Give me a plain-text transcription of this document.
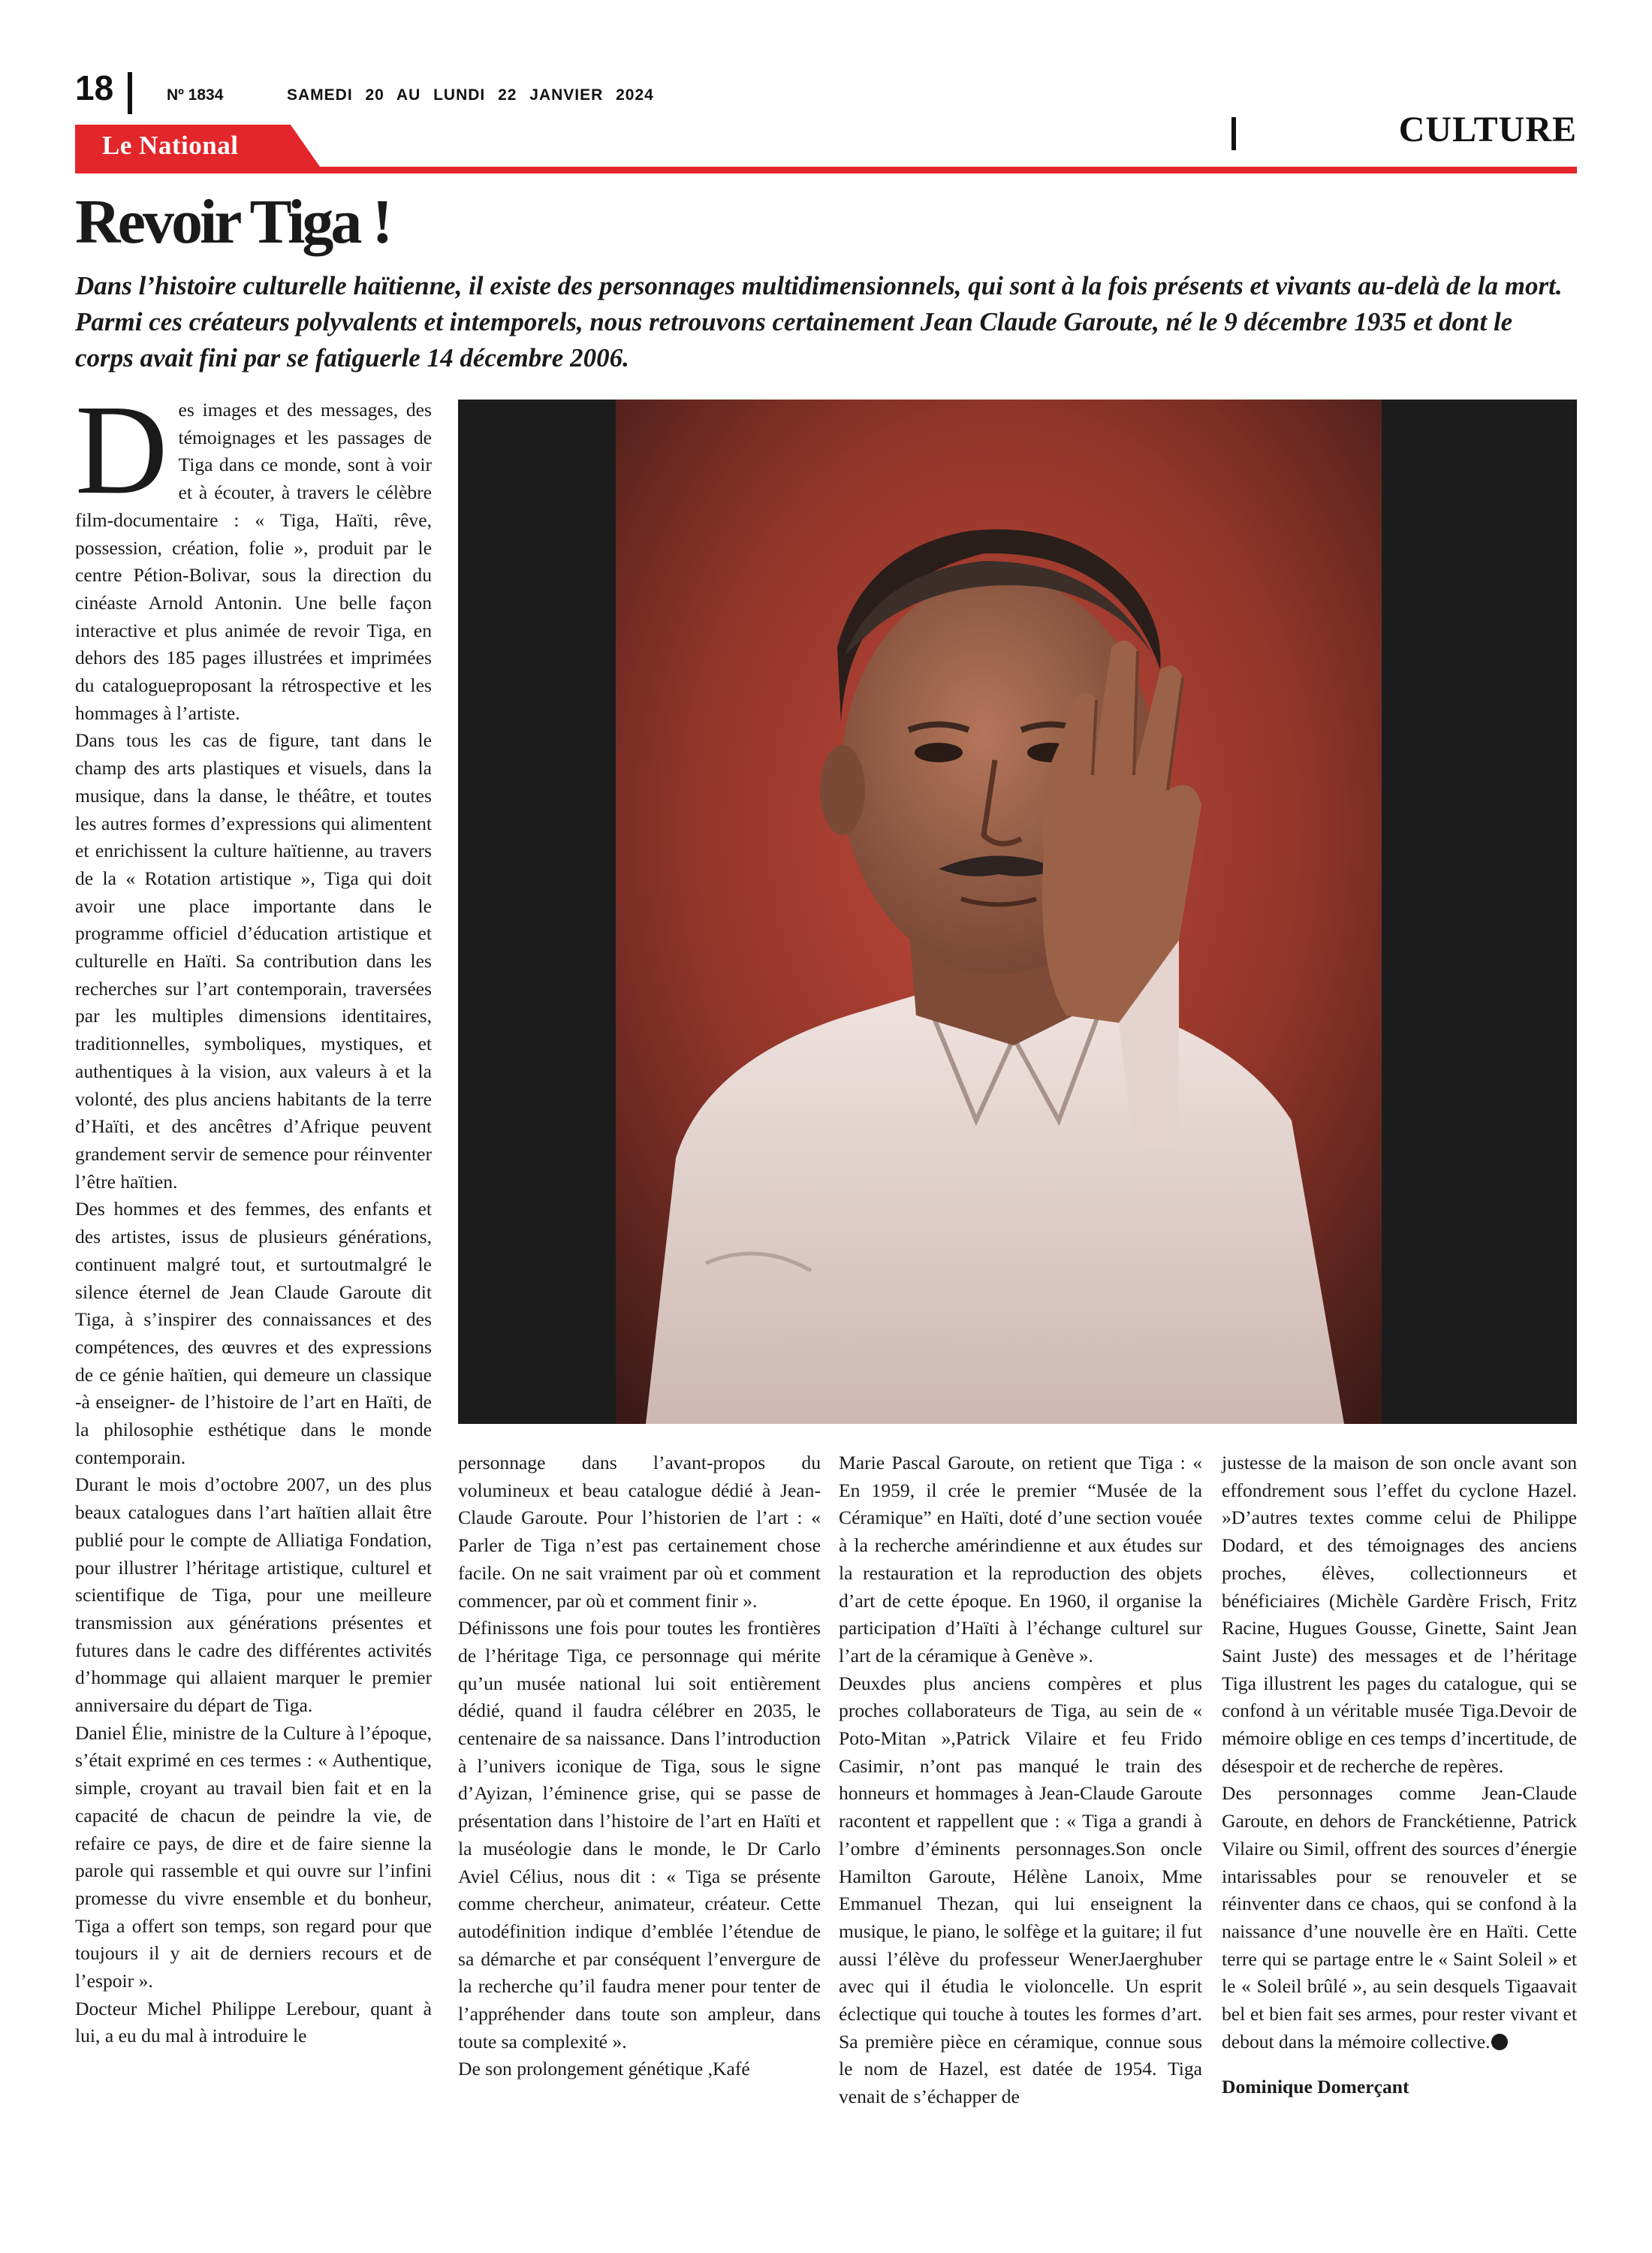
18	Nº 1834	SAMEDI 20 AU LUNDI 22 JANVIER 2024
Le National	CULTURE
Revoir Tiga !
Dans l’histoire culturelle haïtienne, il existe des personnages multidimensionnels, qui sont à la fois présents et vivants au-delà de la mort. Parmi ces créateurs polyvalents et intemporels, nous retrouvons certainement Jean Claude Garoute, né le 9 décembre 1935 et dont le corps avait fini par se fatiguerle 14 décembre 2006.

Des images et des messages, des témoignages et les passages de Tiga dans ce monde, sont à voir et à écouter, à travers le célèbre film-documentaire : « Tiga, Haïti, rêve, possession, création, folie », produit par le centre Pétion-Bolivar, sous la direction du cinéaste Arnold Antonin. Une belle façon interactive et plus animée de revoir Tiga, en dehors des 185 pages illustrées et imprimées du catalogueproposant la rétrospective et les hommages à l’artiste.

Dans tous les cas de figure, tant dans le champ des arts plastiques et visuels, dans la musique, dans la danse, le théâtre, et toutes les autres formes d’expressions qui alimentent et enrichissent la culture haïtienne, au travers de la « Rotation artistique », Tiga qui doit avoir une place importante dans le programme officiel d’éducation artistique et culturelle en Haïti. Sa contribution dans les recherches sur l’art contemporain, traversées par les multiples dimensions identitaires, traditionnelles, symboliques, mystiques, et authentiques à la vision, aux valeurs à et la volonté, des plus anciens habitants de la terre d’Haïti, et des ancêtres d’Afrique peuvent grandement servir de semence pour réinventer l’être haïtien.

Des hommes et des femmes, des enfants et des artistes, issus de plusieurs générations, continuent malgré tout, et surtoutmalgré le silence éternel de Jean Claude Garoute dit Tiga, à s’inspirer des connaissances et des compétences, des œuvres et des expressions de ce génie haïtien, qui demeure un classique -à enseigner- de l’histoire de l’art en Haïti, de la philosophie esthétique dans le monde contemporain.

Durant le mois d’octobre 2007, un des plus beaux catalogues dans l’art haïtien allait être publié pour le compte de Alliatiga Fondation, pour illustrer l’héritage artistique, culturel et scientifique de Tiga, pour une meilleure transmission aux générations présentes et futures dans le cadre des différentes activités d’hommage qui allaient marquer le premier anniversaire du départ de Tiga.

Daniel Élie, ministre de la Culture à l’époque, s’était exprimé en ces termes : « Authentique, simple, croyant au travail bien fait et en la capacité de chacun de peindre la vie, de refaire ce pays, de dire et de faire sienne la parole qui rassemble et qui ouvre sur l’infini promesse du vivre ensemble et du bonheur, Tiga a offert son temps, son regard pour que toujours il y ait de derniers recours et de l’espoir ».

Docteur Michel Philippe Lerebour, quant à lui, a eu du mal à introduire le

personnage dans l’avant-propos du volumineux et beau catalogue dédié à Jean-Claude Garoute. Pour l’historien de l’art : « Parler de Tiga n’est pas certainement chose facile. On ne sait vraiment par où et comment commencer, par où et comment finir ».

Définissons une fois pour toutes les frontières de l’héritage Tiga, ce personnage qui mérite qu’un musée national lui soit entièrement dédié, quand il faudra célébrer en 2035, le centenaire de sa naissance. Dans l’introduction à l’univers iconique de Tiga, sous le signe d’Ayizan, l’éminence grise, qui se passe de présentation dans l’histoire de l’art en Haïti et la muséologie dans le monde, le Dr Carlo Aviel Célius, nous dit : « Tiga se présente comme chercheur, animateur, créateur. Cette autodéfinition indique d’emblée l’étendue de sa démarche et par conséquent l’envergure de la recherche qu’il faudra mener pour tenter de l’appréhender dans toute son ampleur, dans toute sa complexité ».

De son prolongement génétique ,Kafé

Marie Pascal Garoute, on retient que Tiga : « En 1959, il crée le premier “Musée de la Céramique” en Haïti, doté d’une section vouée à la recherche amérindienne et aux études sur la restauration et la reproduction des objets d’art de cette époque. En 1960, il organise la participation d’Haïti à l’échange culturel sur l’art de la céramique à Genève ».

Deuxdes plus anciens compères et plus proches collaborateurs de Tiga, au sein de « Poto-Mitan »,Patrick Vilaire et feu Frido Casimir, n’ont pas manqué le train des honneurs et hommages à Jean-Claude Garoute racontent et rappellent que : « Tiga a grandi à l’ombre d’éminents personnages.Son oncle Hamilton Garoute, Hélène Lanoix, Mme Emmanuel Thezan, qui lui enseignent la musique, le piano, le solfège et la guitare; il fut aussi l’élève du professeur WenerJaerghuber avec qui il étudia le violoncelle. Un esprit éclectique qui touche à toutes les formes d’art. Sa première pièce en céramique, connue sous le nom de Hazel, est datée de 1954. Tiga venait de s’échapper de

justesse de la maison de son oncle avant son effondrement sous l’effet du cyclone Hazel. »D’autres textes comme celui de Philippe Dodard, et des témoignages des anciens proches, élèves, collectionneurs et bénéficiaires (Michèle Gardère Frisch, Fritz Racine, Hugues Gousse, Ginette, Saint Jean Saint Juste) des messages et de l’héritage Tiga illustrent les pages du catalogue, qui se confond à un véritable musée Tiga.Devoir de mémoire oblige en ces temps d’incertitude, de désespoir et de recherche de repères.

Des personnages comme Jean-Claude Garoute, en dehors de Franckétienne, Patrick Vilaire ou Simil, offrent des sources d’énergie intarissables pour se renouveler et se réinventer dans ce chaos, qui se confond à la naissance d’une nouvelle ère en Haïti. Cette terre qui se partage entre le « Saint Soleil » et le « Soleil brûlé », au sein desquels Tigaavait bel et bien fait ses armes, pour rester vivant et debout dans la mémoire collective.

Dominique Domerçant
